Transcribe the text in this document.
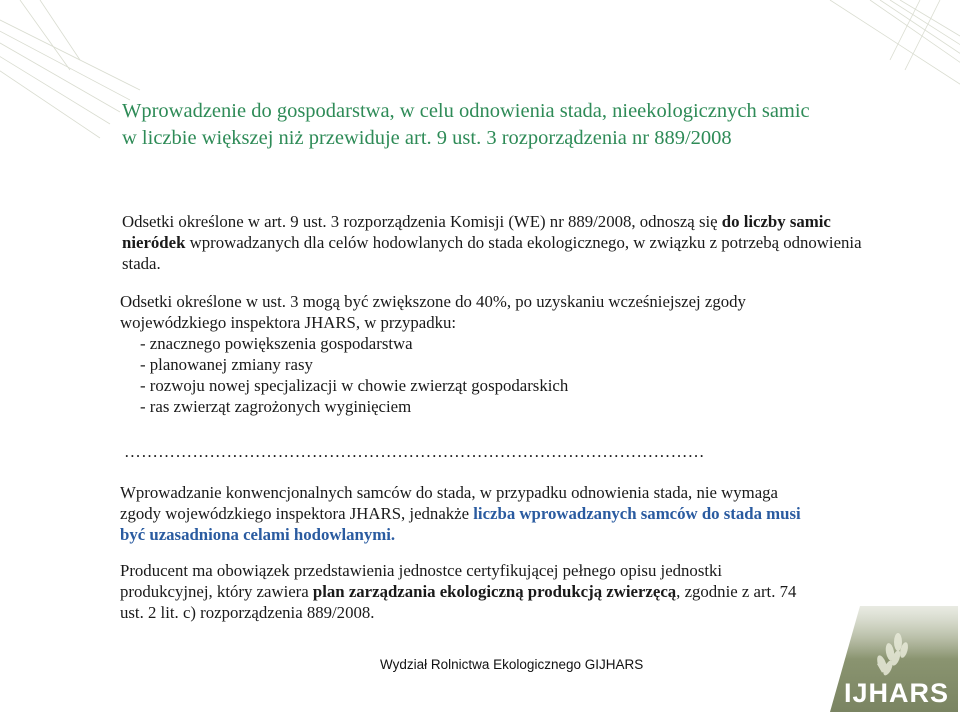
Wprowadzenie do gospodarstwa, w celu odnowienia stada, nieekologicznych samic
w liczbie większej niż przewiduje art. 9 ust. 3 rozporządzenia nr 889/2008
Odsetki określone w art. 9 ust. 3 rozporządzenia Komisji (WE) nr 889/2008, odnoszą się do liczby samic nieródek wprowadzanych dla celów hodowlanych do stada ekologicznego, w związku z potrzebą odnowienia stada.
Odsetki określone w ust. 3 mogą być zwiększone do 40%, po uzyskaniu wcześniejszej zgody
wojewódzkiego inspektora JHARS, w przypadku:
- znacznego powiększenia gospodarstwa
- planowanej zmiany rasy
- rozwoju nowej specjalizacji w chowie zwierząt gospodarskich
- ras zwierząt zagrożonych wyginięciem
…………………………………………………………………………………………
Wprowadzanie konwencjonalnych samców do stada, w przypadku odnowienia stada, nie wymaga
zgody wojewódzkiego inspektora JHARS, jednakże liczba wprowadzanych samców do stada musi
być uzasadniona celami hodowlanymi.
Producent ma obowiązek przedstawienia jednostce certyfikującej pełnego opisu jednostki
produkcyjnej, który zawiera plan zarządzania ekologiczną produkcją zwierzęcą, zgodnie z art. 74
ust. 2 lit. c) rozporządzenia 889/2008.
Wydział Rolnictwa Ekologicznego GIJHARS
IJHARS
